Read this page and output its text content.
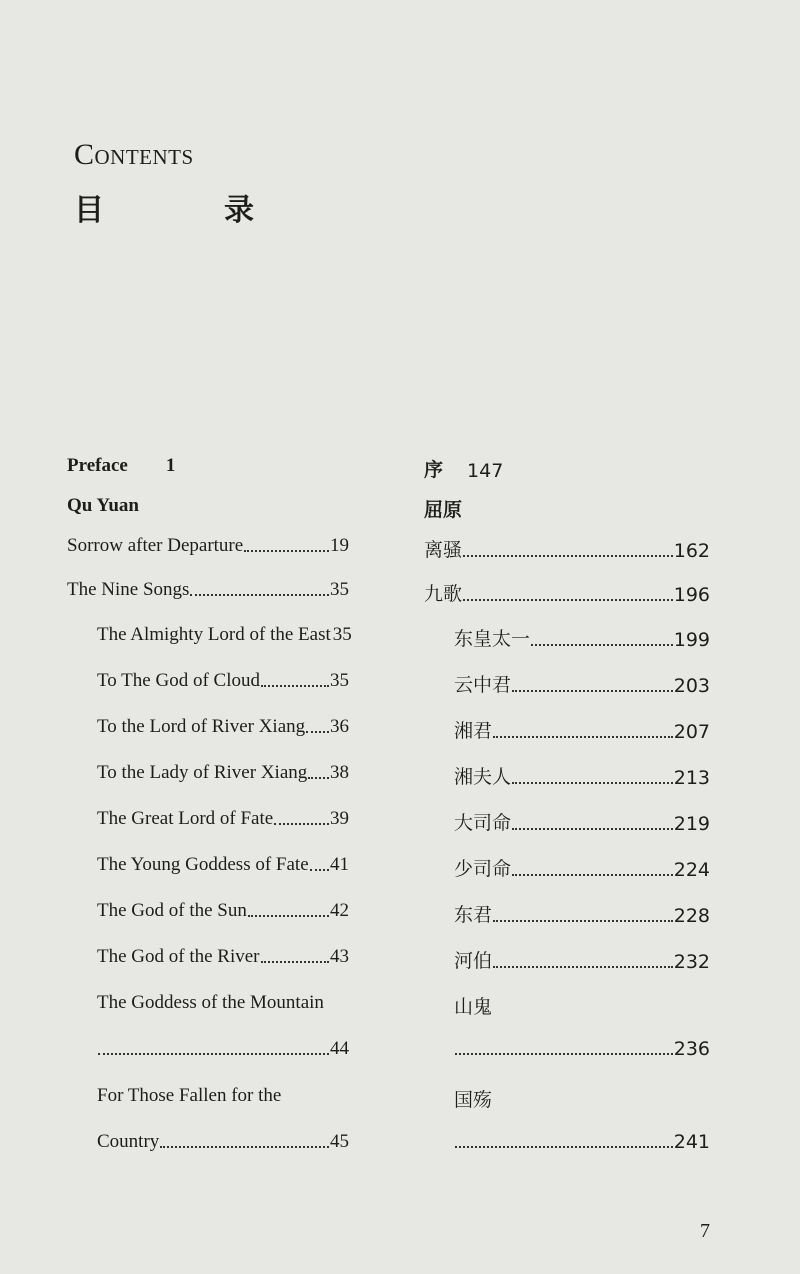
Contents
目	录
Preface 1
Qu Yuan
Sorrow after Departure	19
The Nine Songs	35
The Almighty Lord of the East 35
To The God of Cloud	35
To the Lord of River Xiang 36
To the Lady of River Xiang 38
The Great Lord of Fate	39
The Young Goddess of Fate 41
The God of the Sun	42
The God of the River	43
The Goddess of the Mountain
44
For Those Fallen for the
Country	45
序 147
屈原
离骚	162
九歌	196
东皇太一	199
云中君	203
湘君	207
湘夫人	213
大司命	219
少司命	224
东君	228
河伯	232
山鬼
236
国殇
241
7
